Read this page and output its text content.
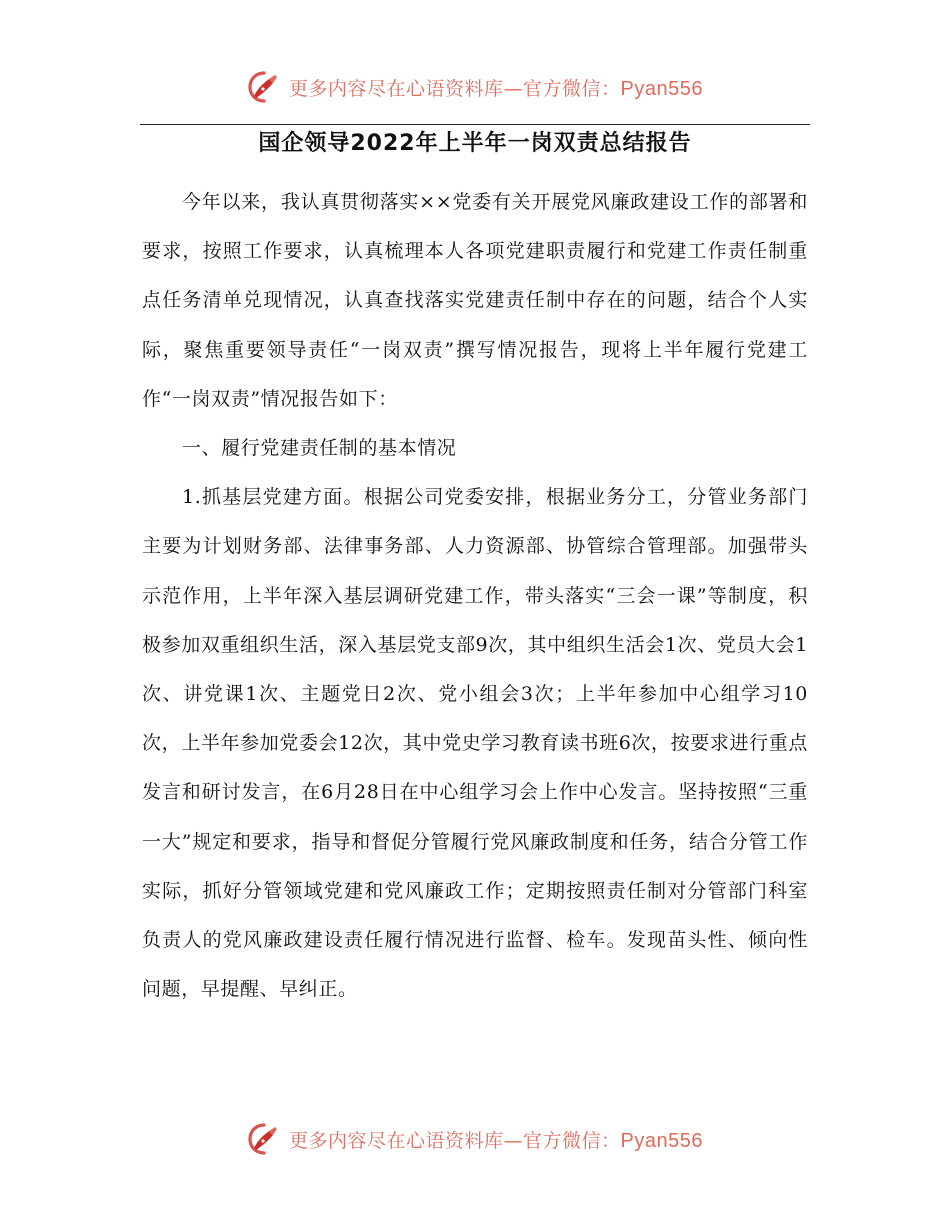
更多内容尽在心语资料库—官方微信：Pyan556
国企领导2022年上半年一岗双责总结报告

今年以来，我认真贯彻落实××党委有关开展党风廉政建设工作的部署和要求，按照工作要求，认真梳理本人各项党建职责履行和党建工作责任制重点任务清单兑现情况，认真查找落实党建责任制中存在的问题，结合个人实际，聚焦重要领导责任“一岗双责”撰写情况报告，现将上半年履行党建工作“一岗双责”情况报告如下：

一、履行党建责任制的基本情况

1.抓基层党建方面。根据公司党委安排，根据业务分工，分管业务部门主要为计划财务部、法律事务部、人力资源部、协管综合管理部。加强带头示范作用，上半年深入基层调研党建工作，带头落实“三会一课”等制度，积极参加双重组织生活，深入基层党支部9次，其中组织生活会1次、党员大会1次、讲党课1次、主题党日2次、党小组会3次；上半年参加中心组学习10次，上半年参加党委会12次，其中党史学习教育读书班6次，按要求进行重点发言和研讨发言，在6月28日在中心组学习会上作中心发言。坚持按照“三重一大”规定和要求，指导和督促分管履行党风廉政制度和任务，结合分管工作实际，抓好分管领域党建和党风廉政工作；定期按照责任制对分管部门科室负责人的党风廉政建设责任履行情况进行监督、检车。发现苗头性、倾向性问题，早提醒、早纠正。

更多内容尽在心语资料库—官方微信：Pyan556
